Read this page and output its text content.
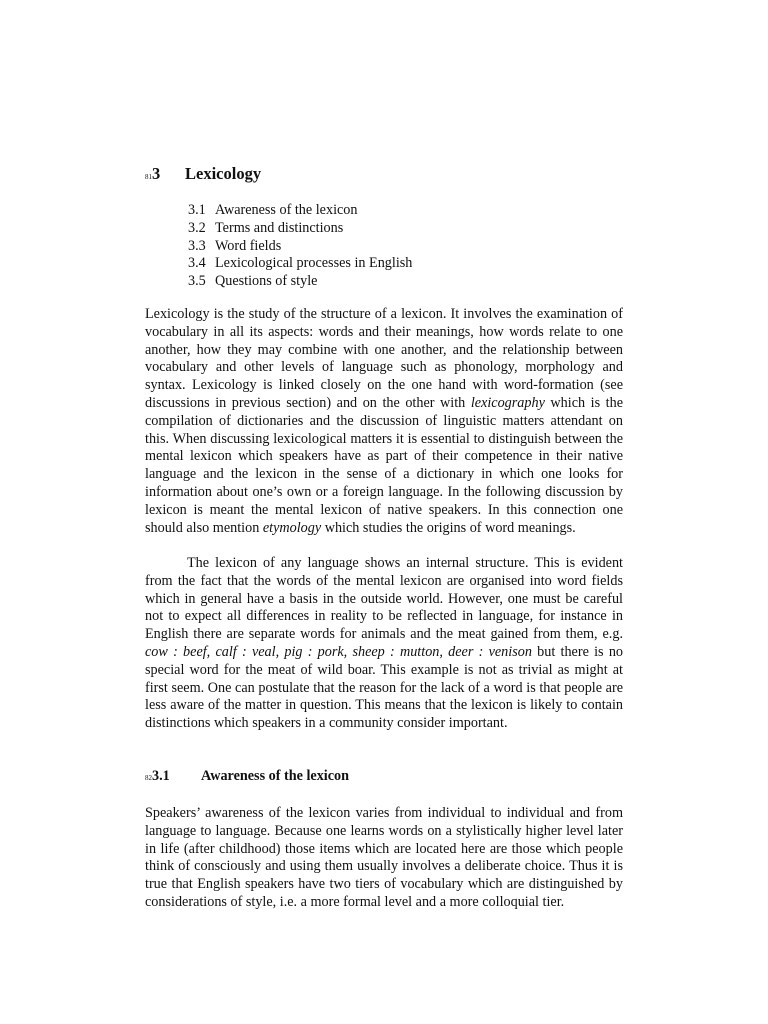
813 Lexicology
3.1 Awareness of the lexicon
3.2 Terms and distinctions
3.3 Word fields
3.4 Lexicological processes in English
3.5 Questions of style

Lexicology is the study of the structure of a lexicon. It involves the examination of vocabulary in all its aspects: words and their meanings, how words relate to one another, how they may combine with one another, and the relationship between vocabulary and other levels of language such as phonology, morphology and syntax. Lexicology is linked closely on the one hand with word-formation (see discussions in previous section) and on the other with lexicography which is the compilation of dictionaries and the discussion of linguistic matters attendant on this. When discussing lexicological matters it is essential to distinguish between the mental lexicon which speakers have as part of their competence in their native language and the lexicon in the sense of a dictionary in which one looks for information about one’s own or a foreign language. In the following discussion by lexicon is meant the mental lexicon of native speakers. In this connection one should also mention etymology which studies the origins of word meanings.

The lexicon of any language shows an internal structure. This is evident from the fact that the words of the mental lexicon are organised into word fields which in general have a basis in the outside world. However, one must be careful not to expect all differences in reality to be reflected in language, for instance in English there are separate words for animals and the meat gained from them, e.g. cow : beef, calf : veal, pig : pork, sheep : mutton, deer : venison but there is no special word for the meat of wild boar. This example is not as trivial as might at first seem. One can postulate that the reason for the lack of a word is that people are less aware of the matter in question. This means that the lexicon is likely to contain distinctions which speakers in a community consider important.

823.1 Awareness of the lexicon

Speakers’ awareness of the lexicon varies from individual to individual and from language to language. Because one learns words on a stylistically higher level later in life (after childhood) those items which are located here are those which people think of consciously and using them usually involves a deliberate choice. Thus it is true that English speakers have two tiers of vocabulary which are distinguished by considerations of style, i.e. a more formal level and a more colloquial tier.
